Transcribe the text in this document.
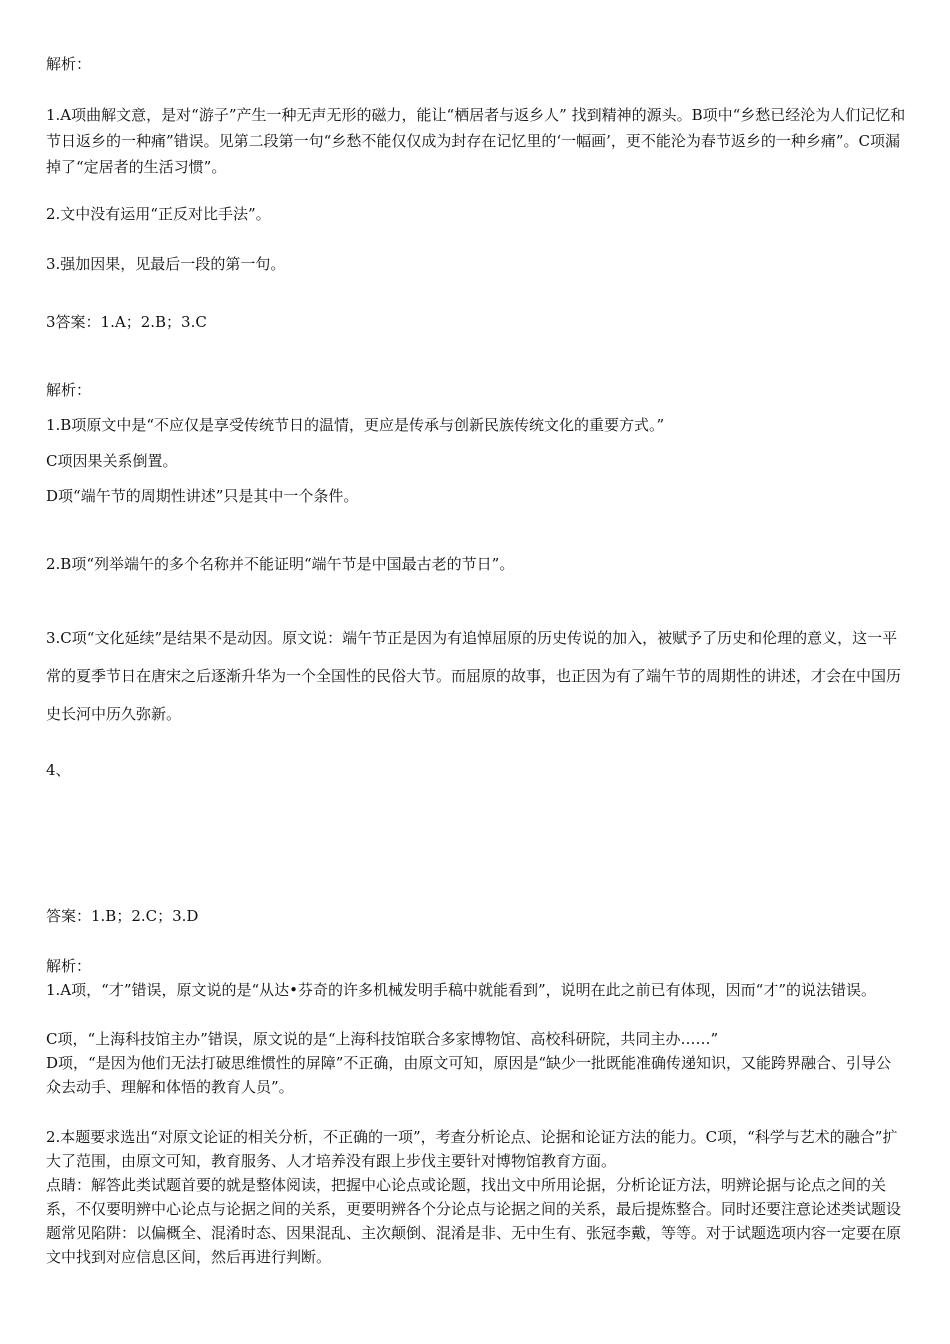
解析：
1.A项曲解文意，是对“游子”产生一种无声无形的磁力，能让“栖居者与返乡人” 找到精神的源头。B项中“乡愁已经沦为人们记忆和节日返乡的一种痛”错误。见第二段第一句“乡愁不能仅仅成为封存在记忆里的‘一幅画’，更不能沦为春节返乡的一种乡痛”。C项漏掉了“定居者的生活习惯”。
2.文中没有运用“正反对比手法”。
3.强加因果，见最后一段的第一句。
3答案：1.A；2.B；3.C
解析：
1.B项原文中是“不应仅是享受传统节日的温情，更应是传承与创新民族传统文化的重要方式。”
C项因果关系倒置。
D项“端午节的周期性讲述”只是其中一个条件。
2.B项“列举端午的多个名称并不能证明“端午节是中国最古老的节日”。
3.C项“文化延续”是结果不是动因。原文说：端午节正是因为有追悼屈原的历史传说的加入，被赋予了历史和伦理的意义，这一平常的夏季节日在唐宋之后逐渐升华为一个全国性的民俗大节。而屈原的故事，也正因为有了端午节的周期性的讲述，才会在中国历史长河中历久弥新。
4、
答案：1.B；2.C；3.D
解析：
1.A项，“才”错误，原文说的是“从达•芬奇的许多机械发明手稿中就能看到”，说明在此之前已有体现，因而“才”的说法错误。
C项，“上海科技馆主办”错误，原文说的是“上海科技馆联合多家博物馆、高校科研院，共同主办……”
D项，“是因为他们无法打破思维惯性的屏障”不正确，由原文可知，原因是“缺少一批既能准确传递知识，又能跨界融合、引导公众去动手、理解和体悟的教育人员”。
2.本题要求选出“对原文论证的相关分析，不正确的一项”，考查分析论点、论据和论证方法的能力。C项，“科学与艺术的融合”扩大了范围，由原文可知，教育服务、人才培养没有跟上步伐主要针对博物馆教育方面。
点睛：解答此类试题首要的就是整体阅读，把握中心论点或论题，找出文中所用论据，分析论证方法，明辨论据与论点之间的关系，不仅要明辨中心论点与论据之间的关系，更要明辨各个分论点与论据之间的关系，最后提炼整合。同时还要注意论述类试题设题常见陷阱：以偏概全、混淆时态、因果混乱、主次颠倒、混淆是非、无中生有、张冠李戴，等等。对于试题选项内容一定要在原文中找到对应信息区间，然后再进行判断。
